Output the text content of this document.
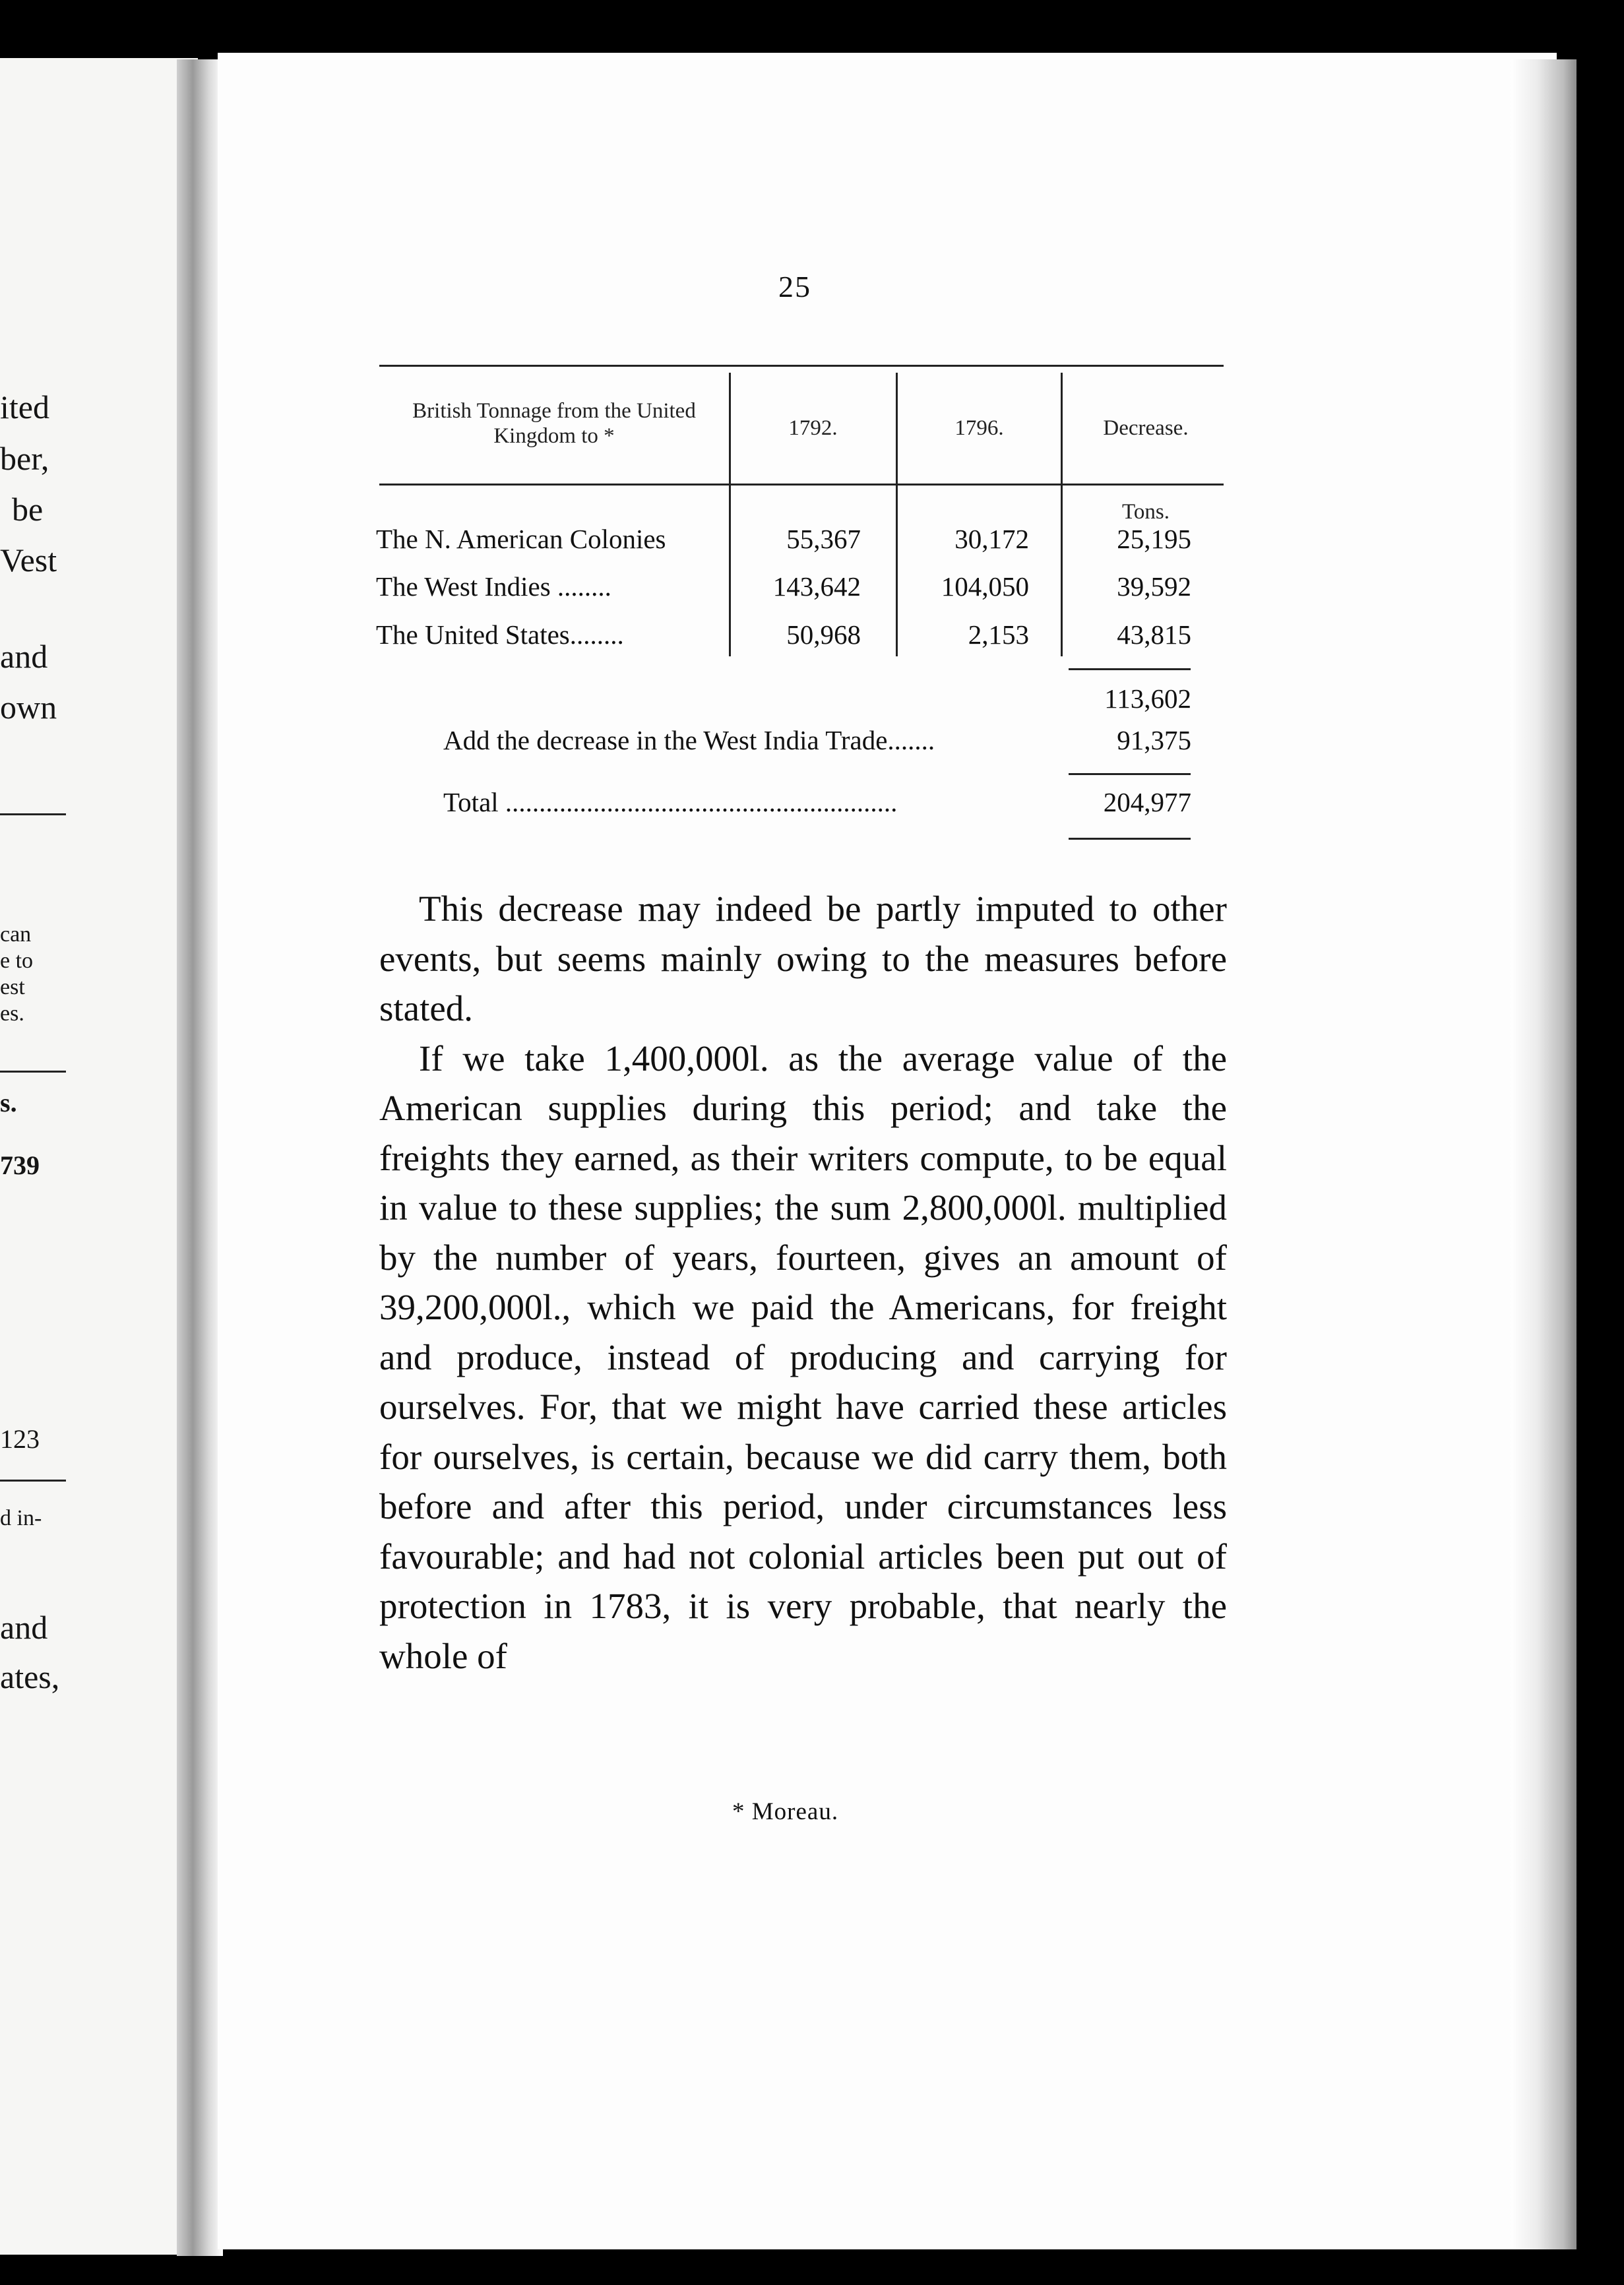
ited
ber,
be
Vest
and
own
can
e to
est
es.
s.
739
123
d in-
and
ates,
25
British Tonnage from the United Kingdom to *	1792.	1796.	Decrease.
Tons.
The N. American Colonies	55,367	30,172	25,195
The West Indies ........	143,642	104,050	39,592
The United States........	50,968	2,153	43,815
113,602
Add the decrease in the West India Trade.......	91,375
Total ..........................................................	204,977

This decrease may indeed be partly imputed to other events, but seems mainly owing to the measures before stated.

If we take 1,400,000l. as the average value of the American supplies during this period; and take the freights they earned, as their writers compute, to be equal in value to these supplies; the sum 2,800,000l. multiplied by the number of years, fourteen, gives an amount of 39,200,000l., which we paid the Americans, for freight and produce, instead of producing and carrying for ourselves. For, that we might have carried these articles for ourselves, is certain, because we did carry them, both before and after this period, under circumstances less favourable; and had not colonial articles been put out of protection in 1783, it is very probable, that nearly the whole of

* Moreau.
